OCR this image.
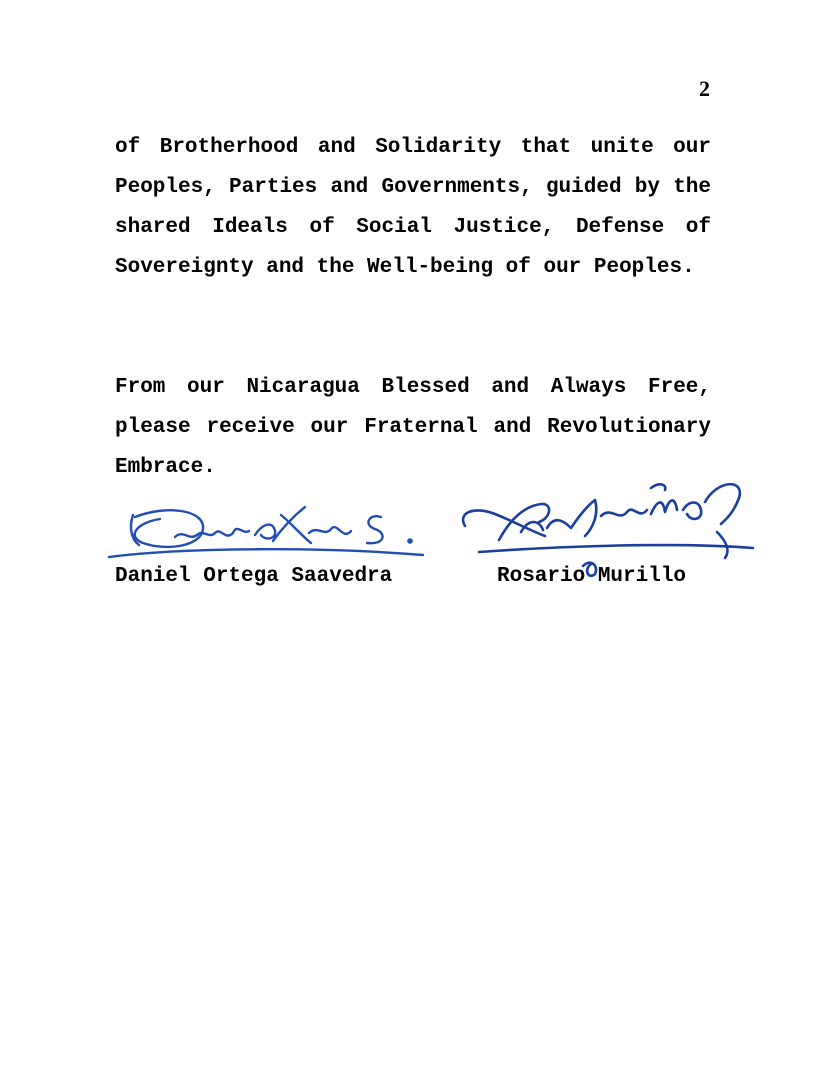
2

of Brotherhood and Solidarity that unite our Peoples, Parties and Governments, guided by the shared Ideals of Social Justice, Defense of Sovereignty and the Well-being of our Peoples.

From our Nicaragua Blessed and Always Free, please receive our Fraternal and Revolutionary Embrace.

Daniel Ortega Saavedra	Rosario Murillo
